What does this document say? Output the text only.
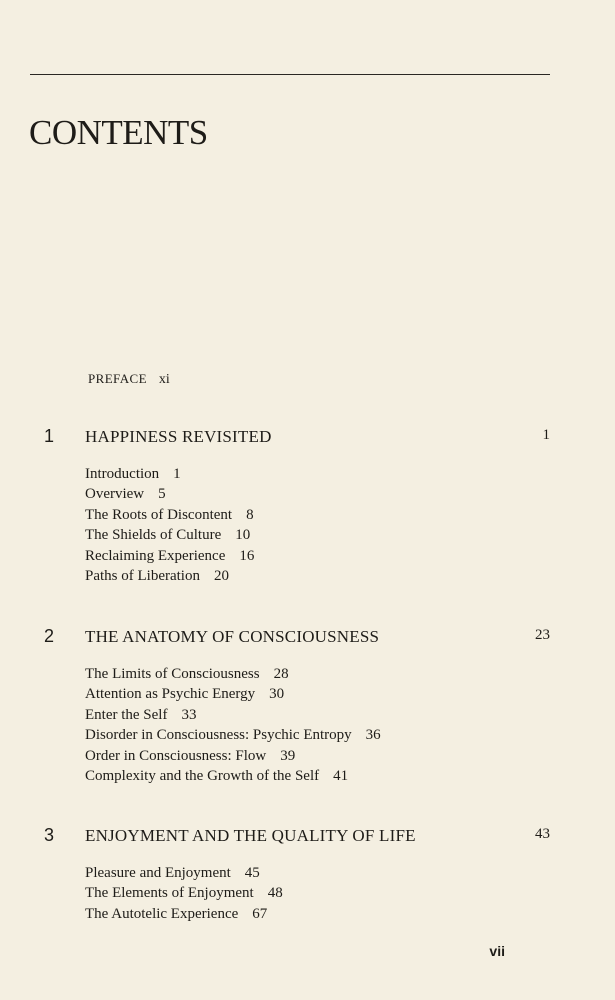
CONTENTS
PREFACE xi
1 HAPPINESS REVISITED	1
Introduction 1
Overview 5
The Roots of Discontent 8
The Shields of Culture 10
Reclaiming Experience 16
Paths of Liberation 20
2 THE ANATOMY OF CONSCIOUSNESS	23
The Limits of Consciousness 28
Attention as Psychic Energy 30
Enter the Self 33
Disorder in Consciousness: Psychic Entropy 36
Order in Consciousness: Flow 39
Complexity and the Growth of the Self 41
3 ENJOYMENT AND THE QUALITY OF LIFE	43
Pleasure and Enjoyment 45
The Elements of Enjoyment 48
The Autotelic Experience 67
vii
